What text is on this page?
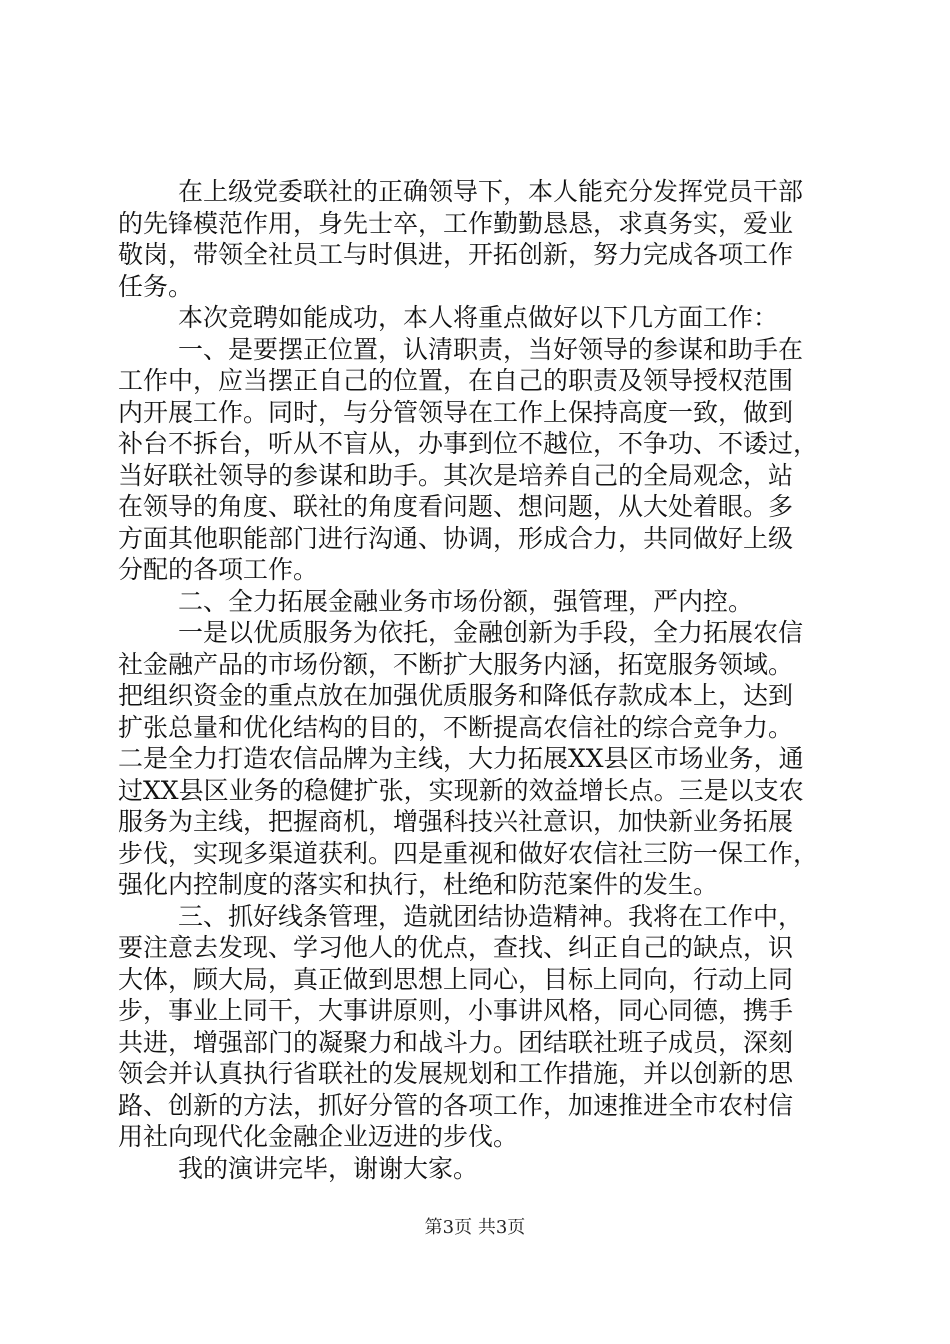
在上级党委联社的正确领导下，本人能充分发挥党员干部
的先锋模范作用，身先士卒，工作勤勤恳恳，求真务实，爱业
敬岗，带领全社员工与时俱进，开拓创新，努力完成各项工作
任务。
本次竞聘如能成功，本人将重点做好以下几方面工作：
一、是要摆正位置，认清职责，当好领导的参谋和助手在
工作中，应当摆正自己的位置，在自己的职责及领导授权范围
内开展工作。同时，与分管领导在工作上保持高度一致，做到
补台不拆台，听从不盲从，办事到位不越位，不争功、不诿过，
当好联社领导的参谋和助手。其次是培养自己的全局观念，站
在领导的角度、联社的角度看问题、想问题，从大处着眼。多
方面其他职能部门进行沟通、协调，形成合力，共同做好上级
分配的各项工作。
二、全力拓展金融业务市场份额，强管理，严内控。
一是以优质服务为依托，金融创新为手段，全力拓展农信
社金融产品的市场份额，不断扩大服务内涵，拓宽服务领域。
把组织资金的重点放在加强优质服务和降低存款成本上，达到
扩张总量和优化结构的目的，不断提高农信社的综合竞争力。
二是全力打造农信品牌为主线，大力拓展XX县区市场业务，通
过XX县区业务的稳健扩张，实现新的效益增长点。三是以支农
服务为主线，把握商机，增强科技兴社意识，加快新业务拓展
步伐，实现多渠道获利。四是重视和做好农信社三防一保工作，
强化内控制度的落实和执行，杜绝和防范案件的发生。
三、抓好线条管理，造就团结协造精神。我将在工作中，
要注意去发现、学习他人的优点，查找、纠正自己的缺点，识
大体，顾大局，真正做到思想上同心，目标上同向，行动上同
步，事业上同干，大事讲原则，小事讲风格，同心同德，携手
共进，增强部门的凝聚力和战斗力。团结联社班子成员，深刻
领会并认真执行省联社的发展规划和工作措施，并以创新的思
路、创新的方法，抓好分管的各项工作，加速推进全市农村信
用社向现代化金融企业迈进的步伐。
我的演讲完毕，谢谢大家。
第3页 共3页
